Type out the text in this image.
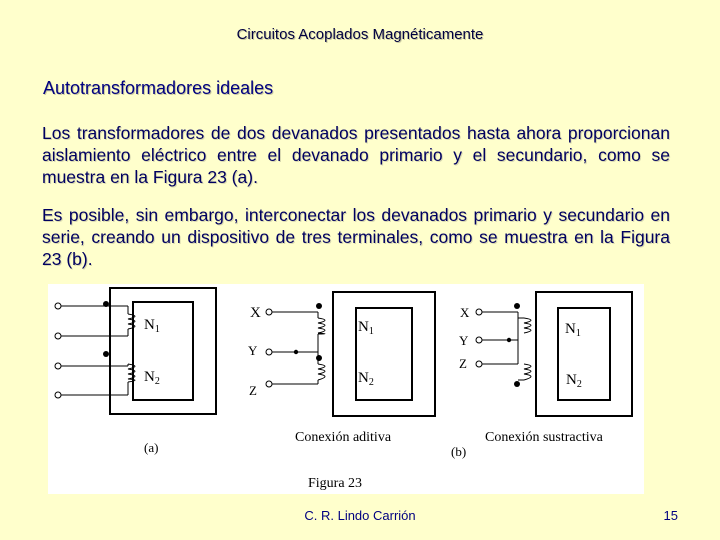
Circuitos Acoplados Magnéticamente
Autotransformadores ideales
Los transformadores de dos devanados presentados hasta ahora proporcionan aislamiento eléctrico entre el devanado primario y el secundario, como se muestra en la Figura 23 (a).
Es posible, sin embargo, interconectar los devanados primario y secundario en serie, creando un dispositivo de tres terminales, como se muestra en la Figura 23 (b).
$N_1$
$N_2$
(a)
X
Y
Z
$N_1$
$N_2$
Conexión aditiva
X
Y
Z
$N_1$
$N_2$
Conexión sustractiva
(b)
Figura 23
C. R. Lindo Carrión	15
